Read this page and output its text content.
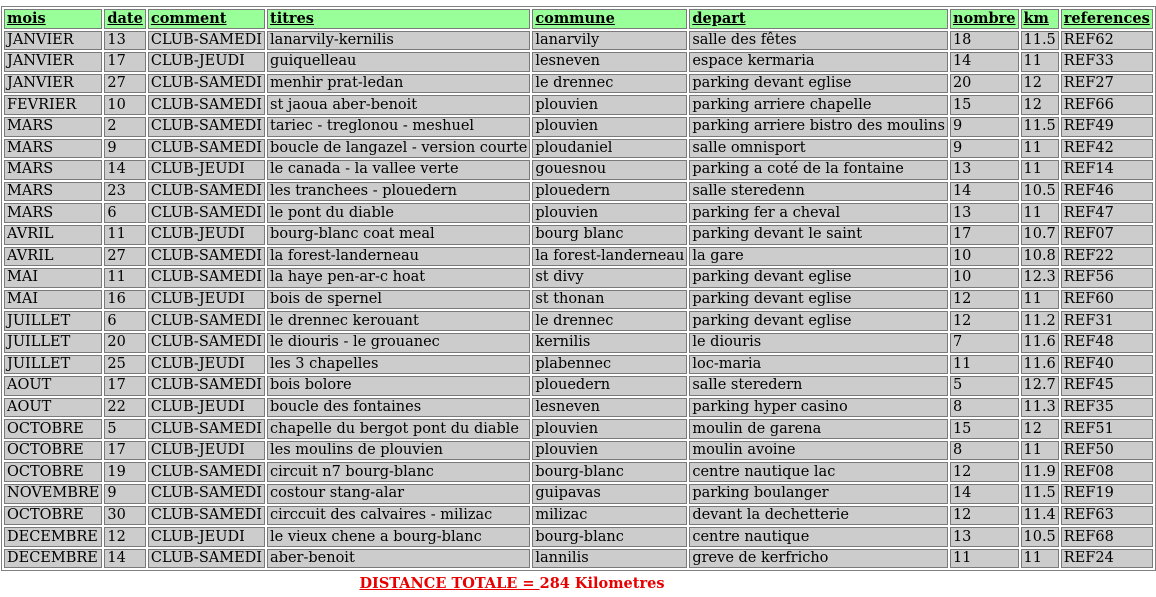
mois	date	comment	titres	commune	depart	nombre	km	references
JANVIER	13	CLUB-SAMEDI	lanarvily-kernilis	lanarvily	salle des fêtes	18	11.5	REF62
JANVIER	17	CLUB-JEUDI	guiquelleau	lesneven	espace kermaria	14	11	REF33
JANVIER	27	CLUB-SAMEDI	menhir prat-ledan	le drennec	parking devant eglise	20	12	REF27
FEVRIER	10	CLUB-SAMEDI	st jaoua aber-benoit	plouvien	parking arriere chapelle	15	12	REF66
MARS	2	CLUB-SAMEDI	tariec - treglonou - meshuel	plouvien	parking arriere bistro des moulins	9	11.5	REF49
MARS	9	CLUB-SAMEDI	boucle de langazel - version courte	ploudaniel	salle omnisport	9	11	REF42
MARS	14	CLUB-JEUDI	le canada - la vallee verte	gouesnou	parking a coté de la fontaine	13	11	REF14
MARS	23	CLUB-SAMEDI	les tranchees - plouedern	plouedern	salle steredenn	14	10.5	REF46
MARS	6	CLUB-SAMEDI	le pont du diable	plouvien	parking fer a cheval	13	11	REF47
AVRIL	11	CLUB-JEUDI	bourg-blanc coat meal	bourg blanc	parking devant le saint	17	10.7	REF07
AVRIL	27	CLUB-SAMEDI	la forest-landerneau	la forest-landerneau	la gare	10	10.8	REF22
MAI	11	CLUB-SAMEDI	la haye pen-ar-c hoat	st divy	parking devant eglise	10	12.3	REF56
MAI	16	CLUB-JEUDI	bois de spernel	st thonan	parking devant eglise	12	11	REF60
JUILLET	6	CLUB-SAMEDI	le drennec kerouant	le drennec	parking devant eglise	12	11.2	REF31
JUILLET	20	CLUB-SAMEDI	le diouris - le grouanec	kernilis	le diouris	7	11.6	REF48
JUILLET	25	CLUB-JEUDI	les 3 chapelles	plabennec	loc-maria	11	11.6	REF40
AOUT	17	CLUB-SAMEDI	bois bolore	plouedern	salle steredern	5	12.7	REF45
AOUT	22	CLUB-JEUDI	boucle des fontaines	lesneven	parking hyper casino	8	11.3	REF35
OCTOBRE	5	CLUB-SAMEDI	chapelle du bergot pont du diable	plouvien	moulin de garena	15	12	REF51
OCTOBRE	17	CLUB-JEUDI	les moulins de plouvien	plouvien	moulin avoine	8	11	REF50
OCTOBRE	19	CLUB-SAMEDI	circuit n7 bourg-blanc	bourg-blanc	centre nautique lac	12	11.9	REF08
NOVEMBRE	9	CLUB-SAMEDI	costour stang-alar	guipavas	parking boulanger	14	11.5	REF19
OCTOBRE	30	CLUB-SAMEDI	circcuit des calvaires - milizac	milizac	devant la dechetterie	12	11.4	REF63
DECEMBRE	12	CLUB-JEUDI	le vieux chene a bourg-blanc	bourg-blanc	centre nautique	13	10.5	REF68
DECEMBRE	14	CLUB-SAMEDI	aber-benoit	lannilis	greve de kerfricho	11	11	REF24
DISTANCE TOTALE = 284 Kilometres
